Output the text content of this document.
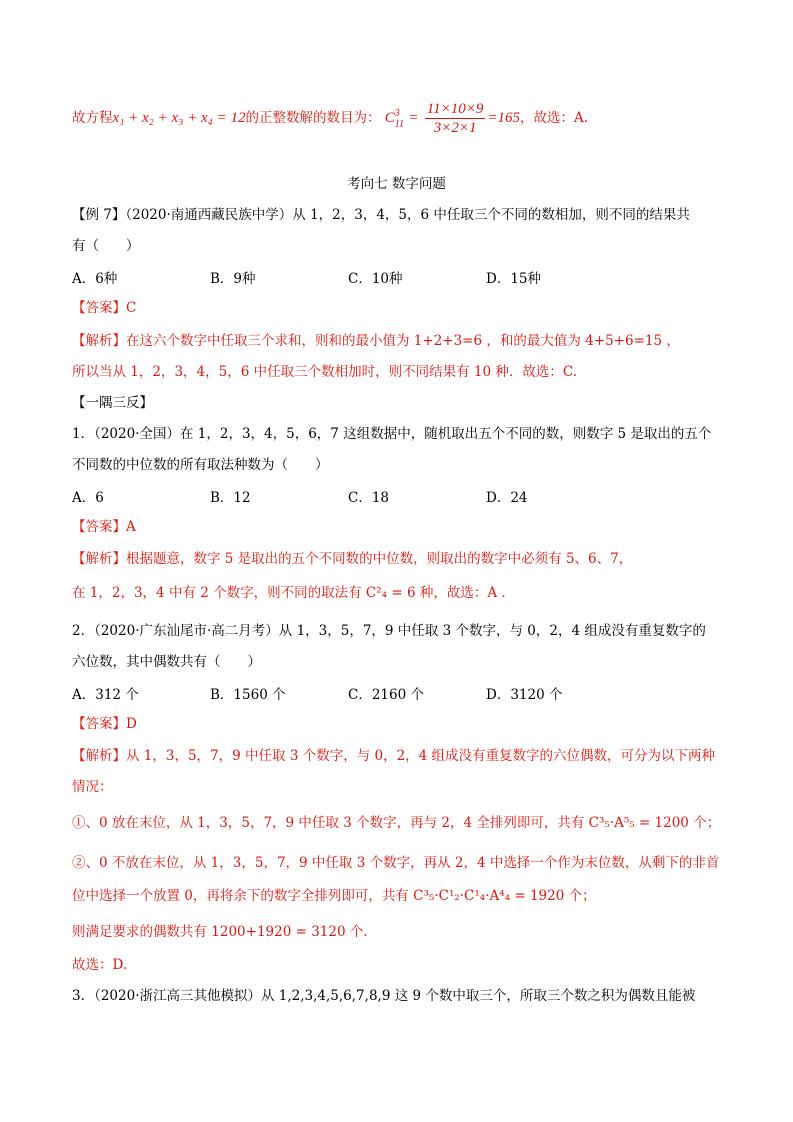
故方程x₁ + x₂ + x₃ + x₄ = 12的正整数解的数目为： C 3
$11 = \frac{11\times 10\times 9}{3\times 2\times 1} =165$，故选：A.
考向七 数字问题
【例 7】（2020·南通西藏民族中学）从 1，2，3，4，5，6 中任取三个不同的数相加，则不同的结果共
有（　　）
A．6种	B．9种	C．10种	D．15种
【答案】C
【解析】在这六个数字中任取三个求和，则和的最小值为 1+2+3=6 ，和的最大值为 4+5+6=15 ，
所以当从 1，2，3，4，5，6 中任取三个数相加时，则不同结果有 10 种．故选：C.
【一隅三反】
1．（2020·全国）在 1，2，3，4，5，6，7 这组数据中，随机取出五个不同的数，则数字 5 是取出的五个
不同数的中位数的所有取法种数为（　　）
A．6	B．12	C．18	D．24
【答案】A
【解析】根据题意，数字 5 是取出的五个不同数的中位数，则取出的数字中必须有 5、6、7，
在 1，2，3，4 中有 2 个数字，则不同的取法有 C²₄ = 6 种，故选：A .
2．（2020·广东汕尾市·高二月考）从 1，3，5，7，9 中任取 3 个数字，与 0，2，4 组成没有重复数字的
六位数，其中偶数共有（　　）
A．312 个	B．1560 个	C．2160 个	D．3120 个
【答案】D
【解析】从 1，3，5，7，9 中任取 3 个数字，与 0，2，4 组成没有重复数字的六位偶数，可分为以下两种
情况：
①、0 放在末位，从 1，3，5，7，9 中任取 3 个数字，再与 2，4 全排列即可，共有 C³₅·A⁵₅ = 1200 个；
②、0 不放在末位，从 1，3，5，7，9 中任取 3 个数字，再从 2，4 中选择一个作为末位数，从剩下的非首
位中选择一个放置 0，再将余下的数字全排列即可，共有 C³₅·C¹₂·C¹₄·A⁴₄ = 1920 个；
则满足要求的偶数共有 1200+1920 = 3120 个.
故选：D.
3．（2020·浙江高三其他模拟）从 1,2,3,4,5,6,7,8,9 这 9 个数中取三个，所取三个数之积为偶数且能被
